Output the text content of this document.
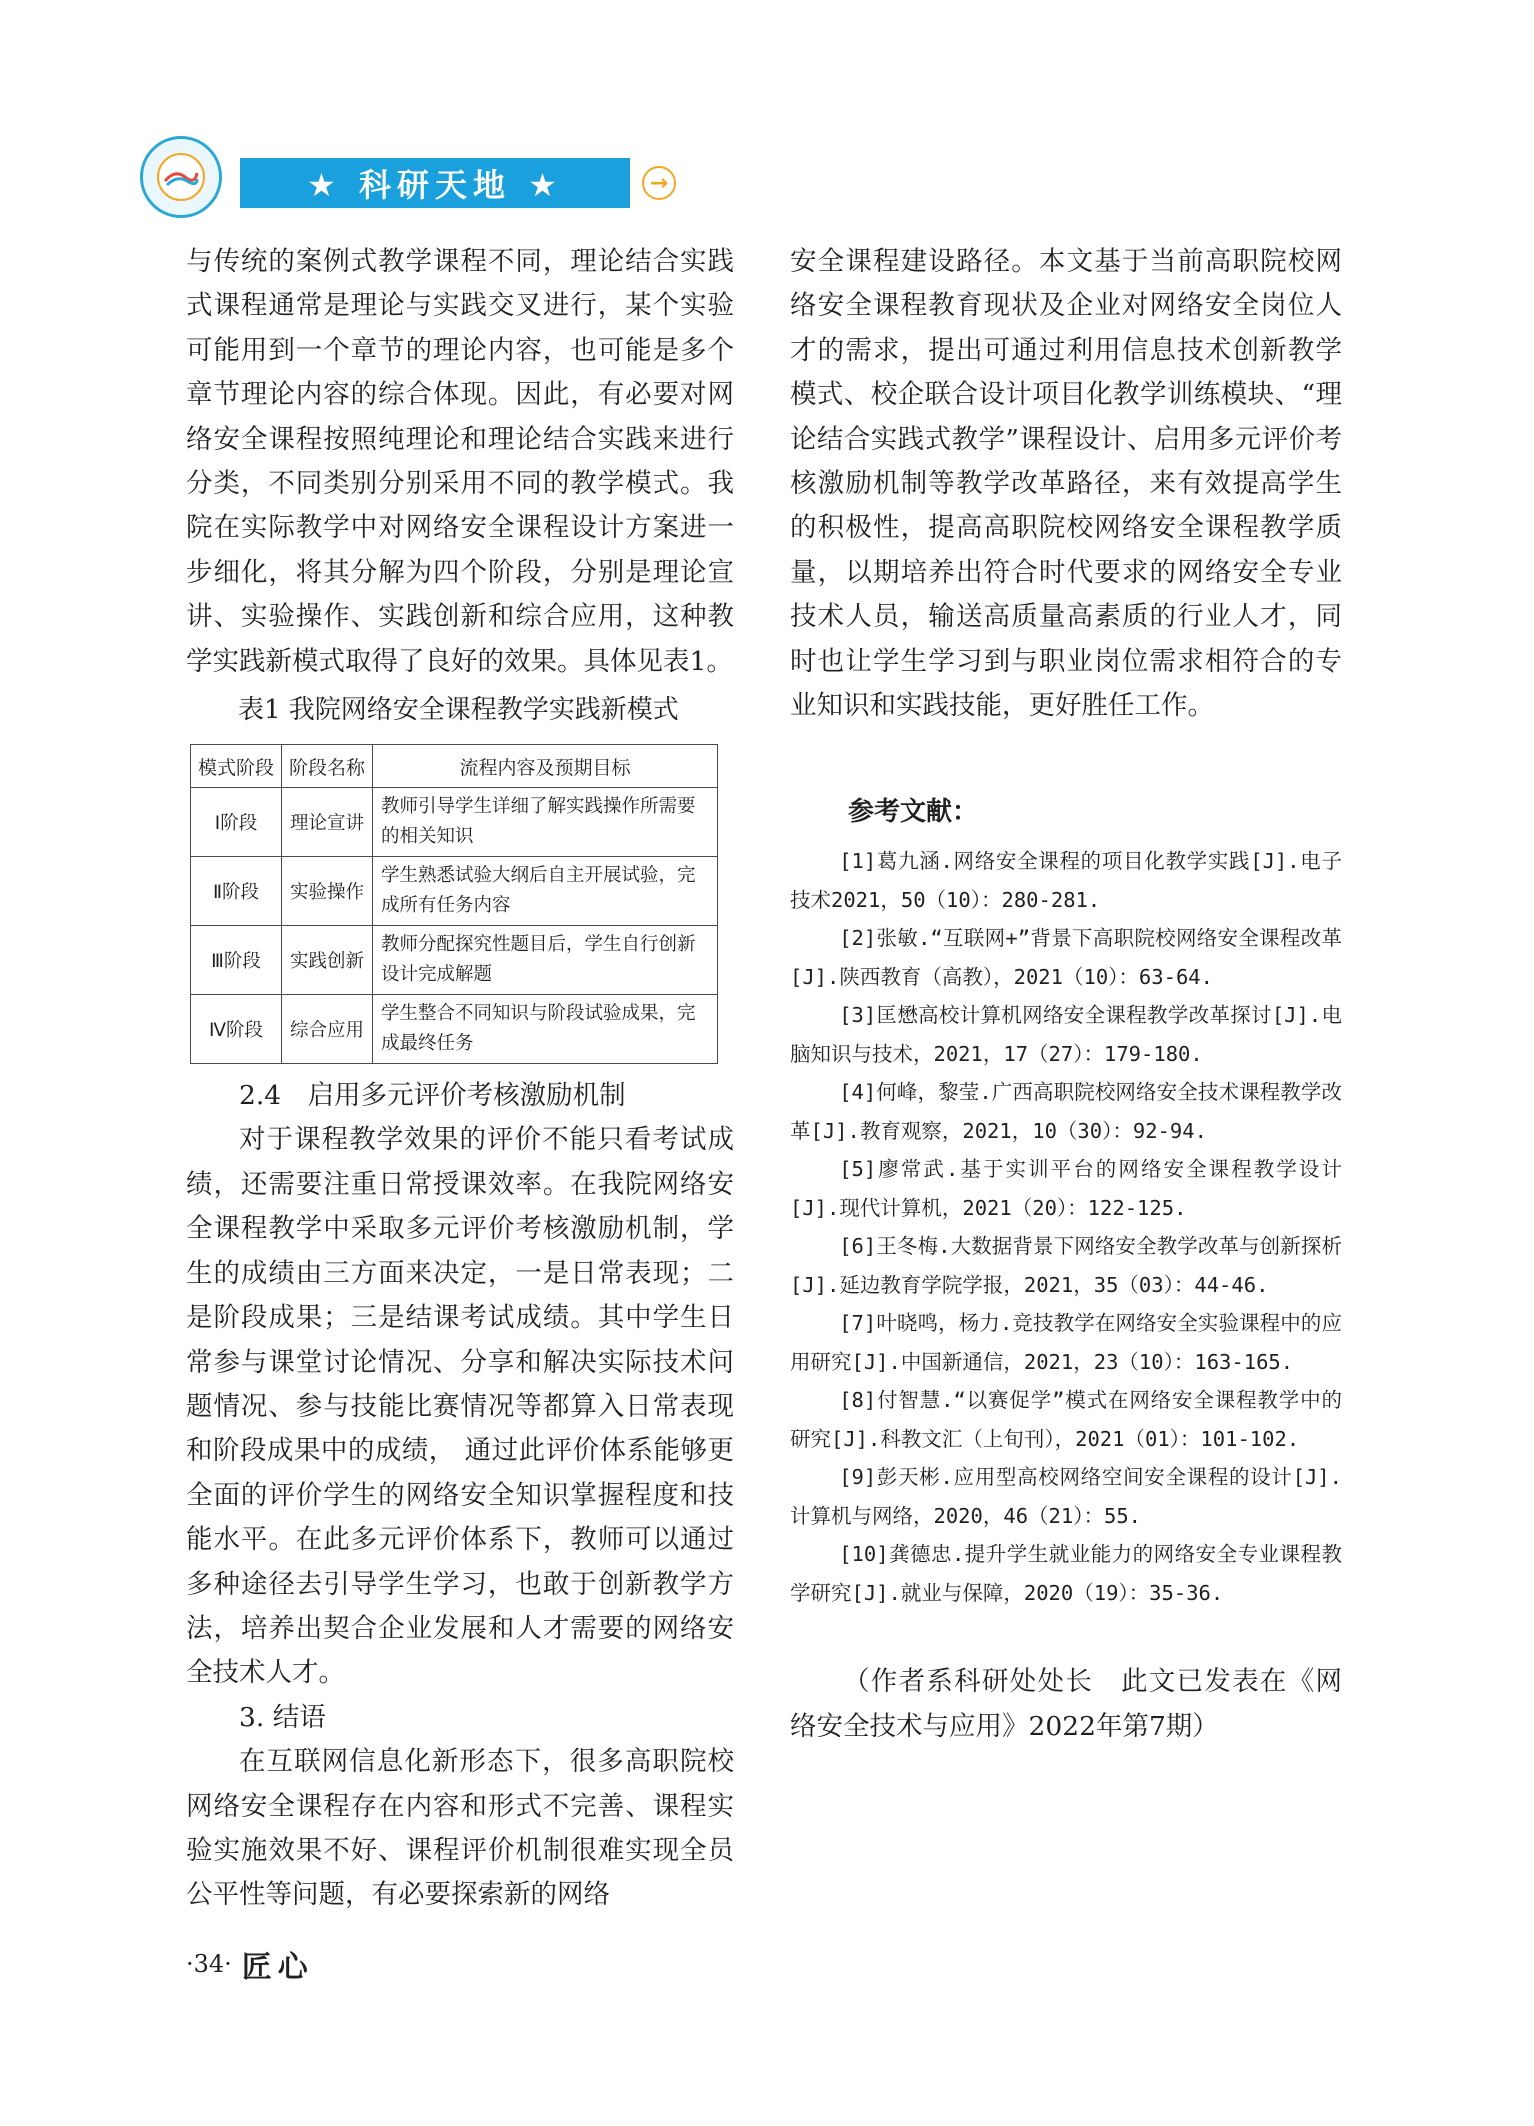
★ 科研天地 ★	→

与传统的案例式教学课程不同，理论结合实践式课程通常是理论与实践交叉进行，某个实验可能用到一个章节的理论内容，也可能是多个章节理论内容的综合体现。因此，有必要对网络安全课程按照纯理论和理论结合实践来进行分类，不同类别分别采用不同的教学模式。我院在实际教学中对网络安全课程设计方案进一步细化，将其分解为四个阶段，分别是理论宣讲、实验操作、实践创新和综合应用，这种教学实践新模式取得了良好的效果。具体见表1。

表1 我院网络安全课程教学实践新模式
模式阶段	阶段名称	流程内容及预期目标
Ⅰ阶段	理论宣讲	教师引导学生详细了解实践操作所需要的相关知识
Ⅱ阶段	实验操作	学生熟悉试验大纲后自主开展试验，完成所有任务内容
Ⅲ阶段	实践创新	教师分配探究性题目后，学生自行创新设计完成解题
Ⅳ阶段	综合应用	学生整合不同知识与阶段试验成果，完成最终任务
2.4　启用多元评价考核激励机制

对于课程教学效果的评价不能只看考试成绩，还需要注重日常授课效率。在我院网络安全课程教学中采取多元评价考核激励机制，学生的成绩由三方面来决定，一是日常表现；二是阶段成果；三是结课考试成绩。其中学生日常参与课堂讨论情况、分享和解决实际技术问题情况、参与技能比赛情况等都算入日常表现和阶段成果中的成绩， 通过此评价体系能够更全面的评价学生的网络安全知识掌握程度和技能水平。在此多元评价体系下，教师可以通过多种途径去引导学生学习，也敢于创新教学方法，培养出契合企业发展和人才需要的网络安全技术人才。

3. 结语

在互联网信息化新形态下，很多高职院校网络安全课程存在内容和形式不完善、课程实验实施效果不好、课程评价机制很难实现全员公平性等问题，有必要探索新的网络

安全课程建设路径。本文基于当前高职院校网络安全课程教育现状及企业对网络安全岗位人才的需求，提出可通过利用信息技术创新教学模式、校企联合设计项目化教学训练模块、“理论结合实践式教学”课程设计、启用多元评价考核激励机制等教学改革路径，来有效提高学生的积极性，提高高职院校网络安全课程教学质量，以期培养出符合时代要求的网络安全专业技术人员，输送高质量高素质的行业人才，同时也让学生学习到与职业岗位需求相符合的专业知识和实践技能，更好胜任工作。

参考文献：

[1]葛九涵.网络安全课程的项目化教学实践[J].电子技术2021，50（10）：280-281.

[2]张敏.“互联网+”背景下高职院校网络安全课程改革[J].陕西教育（高教），2021（10）：63-64.

[3]匡懋高校计算机网络安全课程教学改革探讨[J].电脑知识与技术，2021，17（27）：179-180.

[4]何峰，黎莹.广西高职院校网络安全技术课程教学改革[J].教育观察，2021，10（30）：92-94.

[5]廖常武.基于实训平台的网络安全课程教学设计[J].现代计算机，2021（20）：122-125.

[6]王冬梅.大数据背景下网络安全教学改革与创新探析[J].延边教育学院学报，2021，35（03）：44-46.

[7]叶晓鸣，杨力.竞技教学在网络安全实验课程中的应用研究[J].中国新通信，2021，23（10）：163-165.

[8]付智慧.“以赛促学”模式在网络安全课程教学中的研究[J].科教文汇（上旬刊），2021（01）：101-102.

[9]彭天彬.应用型高校网络空间安全课程的设计[J].计算机与网络，2020，46（21）：55.

[10]龚德忠.提升学生就业能力的网络安全专业课程教学研究[J].就业与保障，2020（19）：35-36.

（作者系科研处处长　此文已发表在《网络安全技术与应用》2022年第7期）

·34· 匠心
